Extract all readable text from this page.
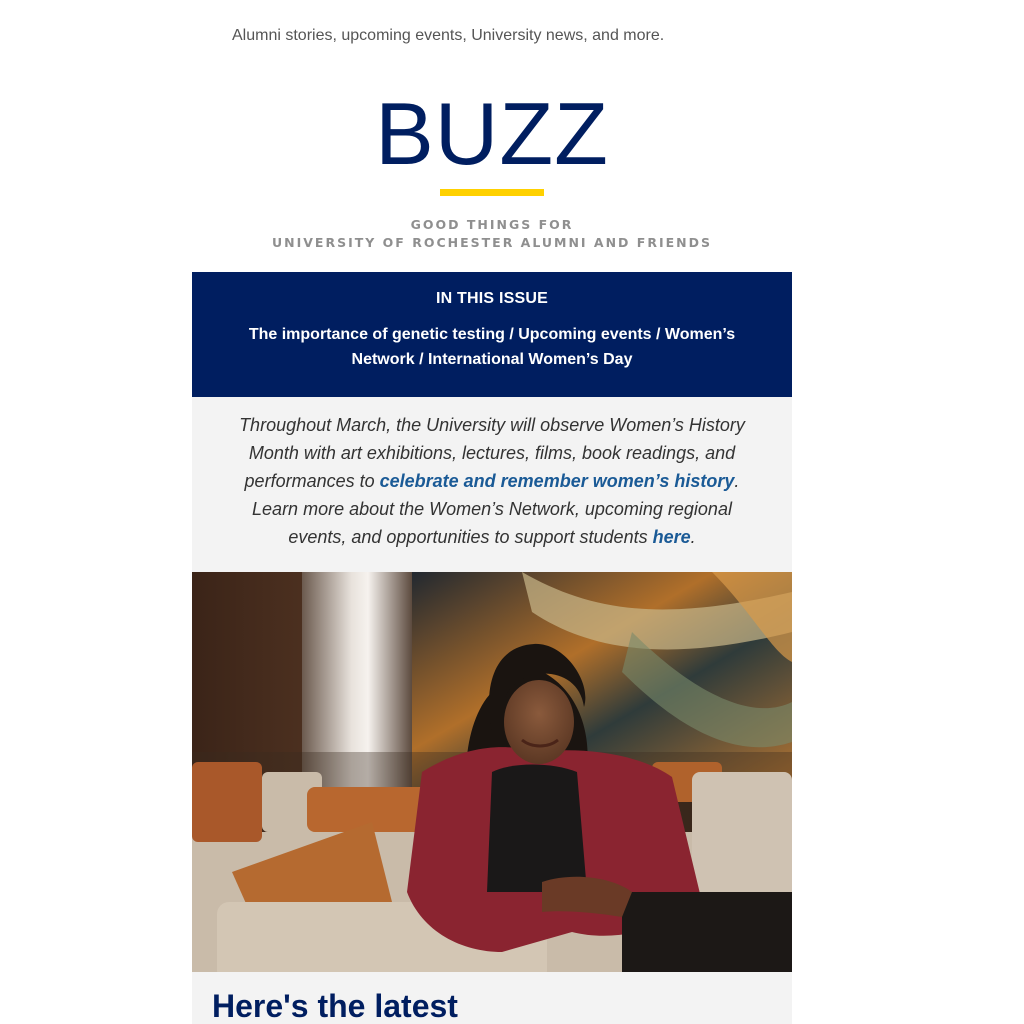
Alumni stories, upcoming events, University news, and more.
BUZZ
GOOD THINGS FOR
UNIVERSITY OF ROCHESTER ALUMNI AND FRIENDS
IN THIS ISSUE
The importance of genetic testing / Upcoming events / Women’s Network / International Women’s Day
Throughout March, the University will observe Women’s History Month with art exhibitions, lectures, films, book readings, and performances to celebrate and remember women’s history. Learn more about the Women’s Network, upcoming regional events, and opportunities to support students here.
Here's the latest
